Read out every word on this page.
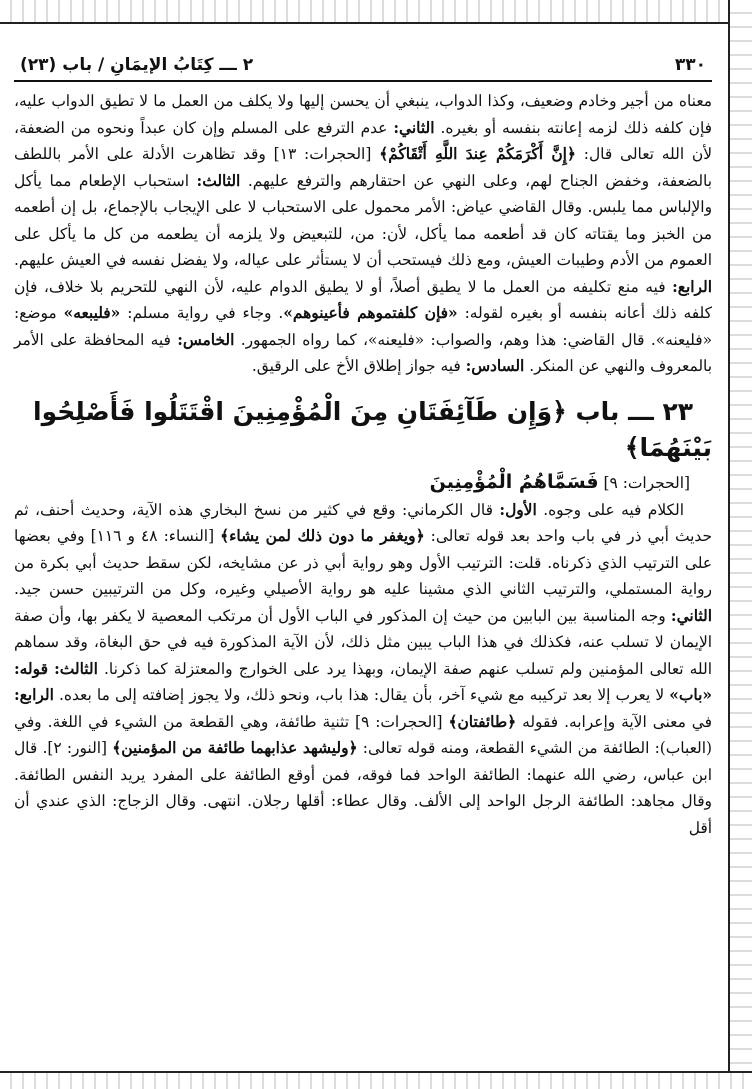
٣٣٠
٢ ـــ كِتَابُ الإيمَانِ / باب (٢٣)

معناه من أجير وخادم وضعيف، وكذا الدواب، ينبغي أن يحسن إليها ولا يكلف من العمل ما لا تطيق الدواب عليه، فإن كلفه ذلك لزمه إعانته بنفسه أو بغيره. الثاني: عدم الترفع على المسلم وإن كان عبداً ونحوه من الضعفة، لأن الله تعالى قال: ﴿إِنَّ أَكْرَمَكُمْ عِندَ اللَّهِ أَتْقَاكُمْ﴾ [الحجرات: ١٣] وقد تظاهرت الأدلة على الأمر باللطف بالضعفة، وخفض الجناح لهم، وعلى النهي عن احتقارهم والترفع عليهم. الثالث: استحباب الإطعام مما يأكل والإلباس مما يلبس. وقال القاضي عياض: الأمر محمول على الاستحباب لا على الإيجاب بالإجماع، بل إن أطعمه من الخبز وما يقتاته كان قد أطعمه مما يأكل، لأن: من، للتبعيض ولا يلزمه أن يطعمه من كل ما يأكل على العموم من الأدم وطيبات العيش، ومع ذلك فيستحب أن لا يستأثر على عياله، ولا يفضل نفسه في العيش عليهم. الرابع: فيه منع تكليفه من العمل ما لا يطيق أصلاً، أو لا يطيق الدوام عليه، لأن النهي للتحريم بلا خلاف، فإن كلفه ذلك أعانه بنفسه أو بغيره لقوله: «فإن كلفتموهم فأعينوهم». وجاء في رواية مسلم: «فليبعه» موضع: «فليعنه». قال القاضي: هذا وهم، والصواب: «فليعنه»، كما رواه الجمهور. الخامس: فيه المحافظة على الأمر بالمعروف والنهي عن المنكر. السادس: فيه جواز إطلاق الأخ على الرقيق.

٢٣ ـــ باب ﴿وَإِن طَآئِفَتَانِ مِنَ الْمُؤْمِنِينَ اقْتَتَلُوا فَأَصْلِحُوا بَيْنَهُمَا﴾
[الحجرات: ٩] فَسَمَّاهُمُ الْمُؤْمِنِينَ

الكلام فيه على وجوه. الأول: قال الكرماني: وقع في كثير من نسخ البخاري هذه الآية، وحديث أحنف، ثم حديث أبي ذر في باب واحد بعد قوله تعالى: ﴿ويغفر ما دون ذلك لمن يشاء﴾ [النساء: ٤٨ و ١١٦] وفي بعضها على الترتيب الذي ذكرناه. قلت: الترتيب الأول وهو رواية أبي ذر عن مشايخه، لكن سقط حديث أبي بكرة من رواية المستملي، والترتيب الثاني الذي مشينا عليه هو رواية الأصيلي وغيره، وكل من الترتيبين حسن جيد. الثاني: وجه المناسبة بين البابين من حيث إن المذكور في الباب الأول أن مرتكب المعصية لا يكفر بها، وأن صفة الإيمان لا تسلب عنه، فكذلك في هذا الباب يبين مثل ذلك، لأن الآية المذكورة فيه في حق البغاة، وقد سماهم الله تعالى المؤمنين ولم تسلب عنهم صفة الإيمان، وبهذا يرد على الخوارج والمعتزلة كما ذكرنا. الثالث: قوله: «باب» لا يعرب إلا بعد تركيبه مع شيء آخر، بأن يقال: هذا باب، ونحو ذلك، ولا يجوز إضافته إلى ما بعده. الرابع: في معنى الآية وإعرابه. فقوله ﴿طائفتان﴾ [الحجرات: ٩] تثنية طائفة، وهي القطعة من الشيء في اللغة. وفي (العباب): الطائفة من الشيء القطعة، ومنه قوله تعالى: ﴿وليشهد عذابهما طائفة من المؤمنين﴾ [النور: ٢]. قال ابن عباس، رضي الله عنهما: الطائفة الواحد فما فوقه، فمن أوقع الطائفة على المفرد يريد النفس الطائفة. وقال مجاهد: الطائفة الرجل الواحد إلى الألف. وقال عطاء: أقلها رجلان. انتهى. وقال الزجاج: الذي عندي أن أقل
